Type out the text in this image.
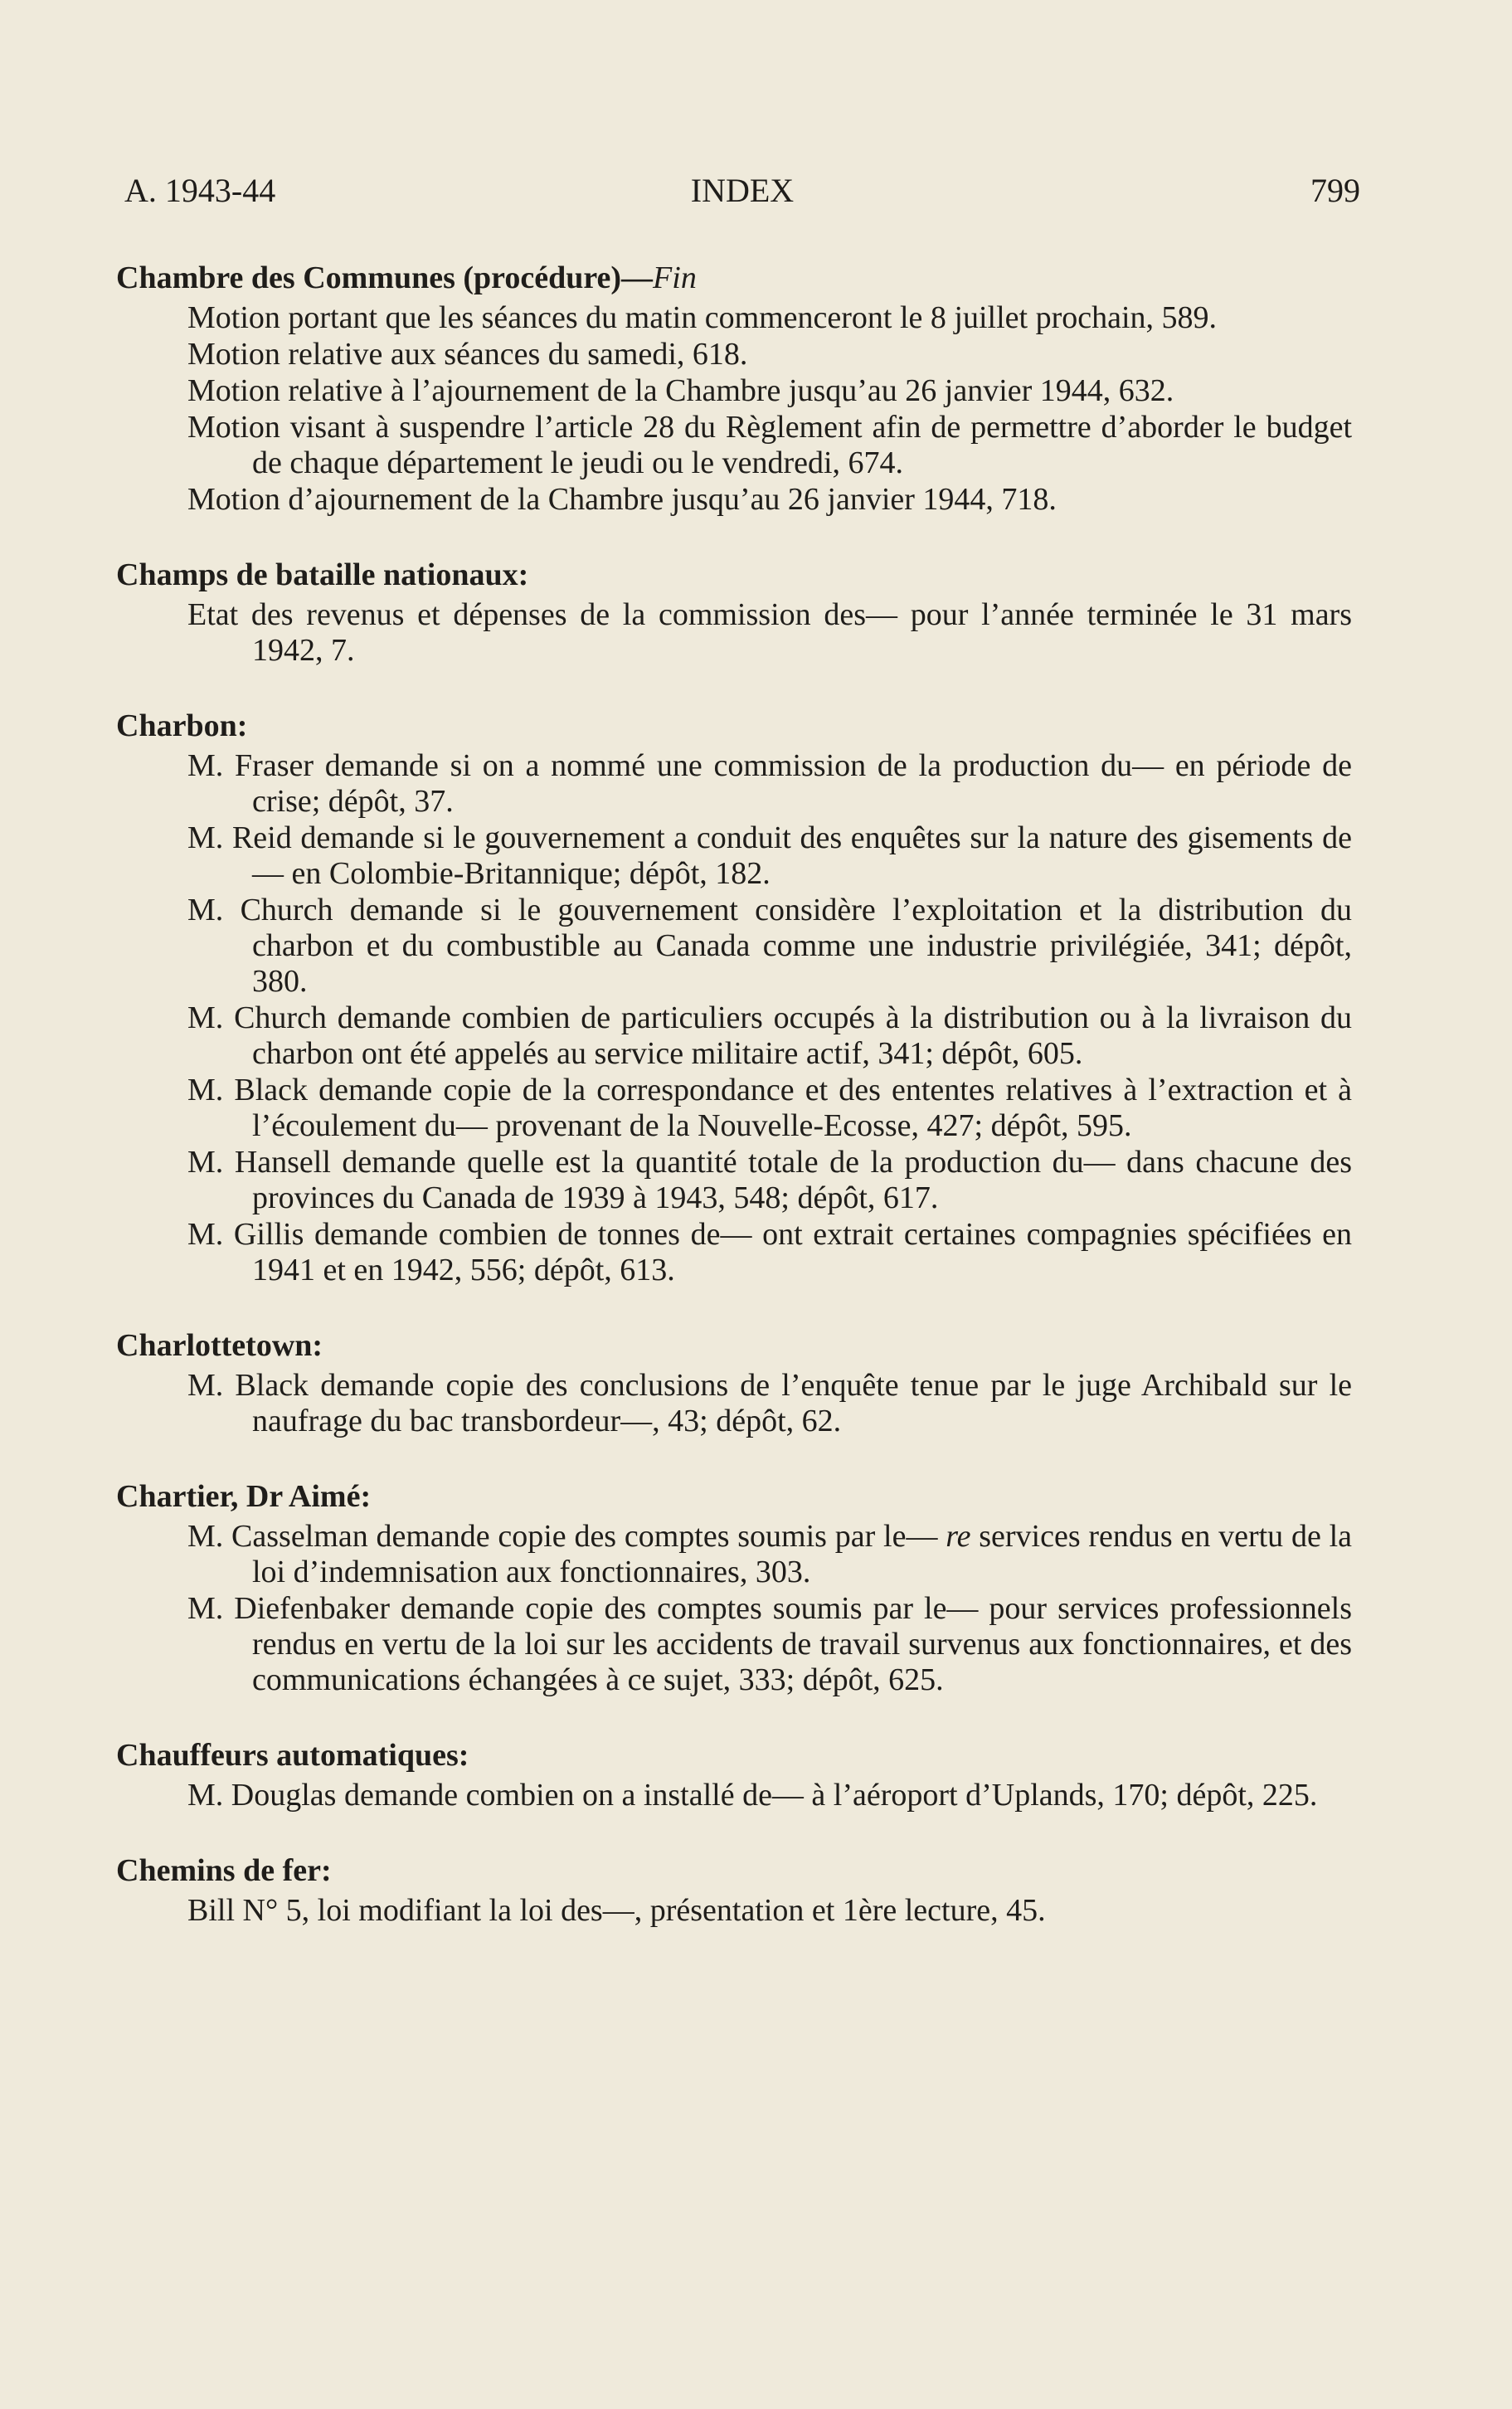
A. 1943-44	INDEX	799
Chambre des Communes (procédure)—Fin
Motion portant que les séances du matin commenceront le 8 juillet prochain, 589.
Motion relative aux séances du samedi, 618.
Motion relative à l’ajournement de la Chambre jusqu’au 26 janvier 1944, 632.
Motion visant à suspendre l’article 28 du Règlement afin de permettre d’aborder le budget de chaque département le jeudi ou le vendredi, 674.
Motion d’ajournement de la Chambre jusqu’au 26 janvier 1944, 718.
Champs de bataille nationaux:
Etat des revenus et dépenses de la commission des— pour l’année terminée le 31 mars 1942, 7.
Charbon:
M. Fraser demande si on a nommé une commission de la production du— en période de crise; dépôt, 37.
M. Reid demande si le gouvernement a conduit des enquêtes sur la nature des gisements de— en Colombie-Britannique; dépôt, 182.
M. Church demande si le gouvernement considère l’exploitation et la distribution du charbon et du combustible au Canada comme une industrie privilégiée, 341; dépôt, 380.
M. Church demande combien de particuliers occupés à la distribution ou à la livraison du charbon ont été appelés au service militaire actif, 341; dépôt, 605.
M. Black demande copie de la correspondance et des ententes relatives à l’extraction et à l’écoulement du— provenant de la Nouvelle-Ecosse, 427; dépôt, 595.
M. Hansell demande quelle est la quantité totale de la production du— dans chacune des provinces du Canada de 1939 à 1943, 548; dépôt, 617.
M. Gillis demande combien de tonnes de— ont extrait certaines compagnies spécifiées en 1941 et en 1942, 556; dépôt, 613.
Charlottetown:
M. Black demande copie des conclusions de l’enquête tenue par le juge Archibald sur le naufrage du bac transbordeur—, 43; dépôt, 62.
Chartier, Dr Aimé:
M. Casselman demande copie des comptes soumis par le— re services rendus en vertu de la loi d’indemnisation aux fonctionnaires, 303.
M. Diefenbaker demande copie des comptes soumis par le— pour services professionnels rendus en vertu de la loi sur les accidents de travail survenus aux fonctionnaires, et des communications échangées à ce sujet, 333; dépôt, 625.
Chauffeurs automatiques:
M. Douglas demande combien on a installé de— à l’aéroport d’Uplands, 170; dépôt, 225.
Chemins de fer:
Bill N° 5, loi modifiant la loi des—, présentation et 1ère lecture, 45.
